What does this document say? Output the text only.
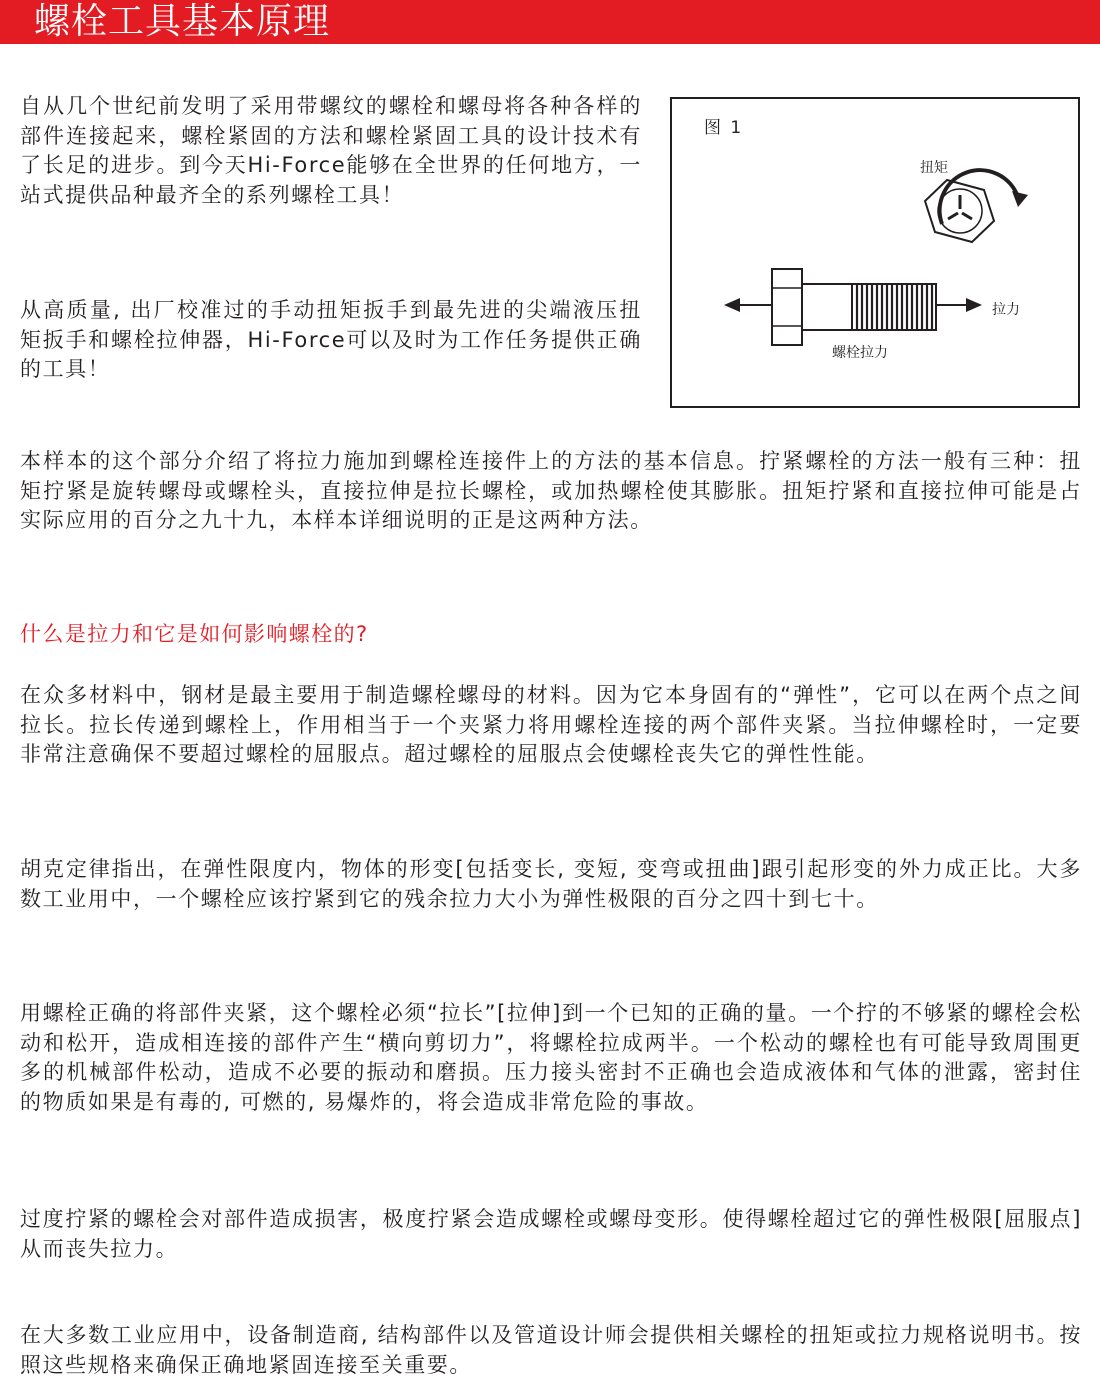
螺栓工具基本原理

自从几个世纪前发明了采用带螺纹的螺栓和螺母将各种各样的部件连接起来，螺栓紧固的方法和螺栓紧固工具的设计技术有了长足的进步。到今天Hi-Force能够在全世界的任何地方，一站式提供品种最齐全的系列螺栓工具！

从高质量, 出厂校准过的手动扭矩扳手到最先进的尖端液压扭矩扳手和螺栓拉伸器，Hi-Force可以及时为工作任务提供正确的工具！

图 1
扭矩
拉力
螺栓拉力

本样本的这个部分介绍了将拉力施加到螺栓连接件上的方法的基本信息。拧紧螺栓的方法一般有三种：扭矩拧紧是旋转螺母或螺栓头，直接拉伸是拉长螺栓，或加热螺栓使其膨胀。扭矩拧紧和直接拉伸可能是占实际应用的百分之九十九，本样本详细说明的正是这两种方法。

什么是拉力和它是如何影响螺栓的?

在众多材料中，钢材是最主要用于制造螺栓螺母的材料。因为它本身固有的“弹性”，它可以在两个点之间拉长。拉长传递到螺栓上，作用相当于一个夹紧力将用螺栓连接的两个部件夹紧。当拉伸螺栓时，一定要非常注意确保不要超过螺栓的屈服点。超过螺栓的屈服点会使螺栓丧失它的弹性性能。

胡克定律指出，在弹性限度内，物体的形变[包括变长, 变短, 变弯或扭曲]跟引起形变的外力成正比。大多数工业用中，一个螺栓应该拧紧到它的残余拉力大小为弹性极限的百分之四十到七十。

用螺栓正确的将部件夹紧，这个螺栓必须“拉长”[拉伸]到一个已知的正确的量。一个拧的不够紧的螺栓会松动和松开，造成相连接的部件产生“横向剪切力”，将螺栓拉成两半。一个松动的螺栓也有可能导致周围更多的机械部件松动，造成不必要的振动和磨损。压力接头密封不正确也会造成液体和气体的泄露，密封住的物质如果是有毒的, 可燃的, 易爆炸的，将会造成非常危险的事故。

过度拧紧的螺栓会对部件造成损害，极度拧紧会造成螺栓或螺母变形。使得螺栓超过它的弹性极限[屈服点]从而丧失拉力。

在大多数工业应用中，设备制造商, 结构部件以及管道设计师会提供相关螺栓的扭矩或拉力规格说明书。按照这些规格来确保正确地紧固连接至关重要。
